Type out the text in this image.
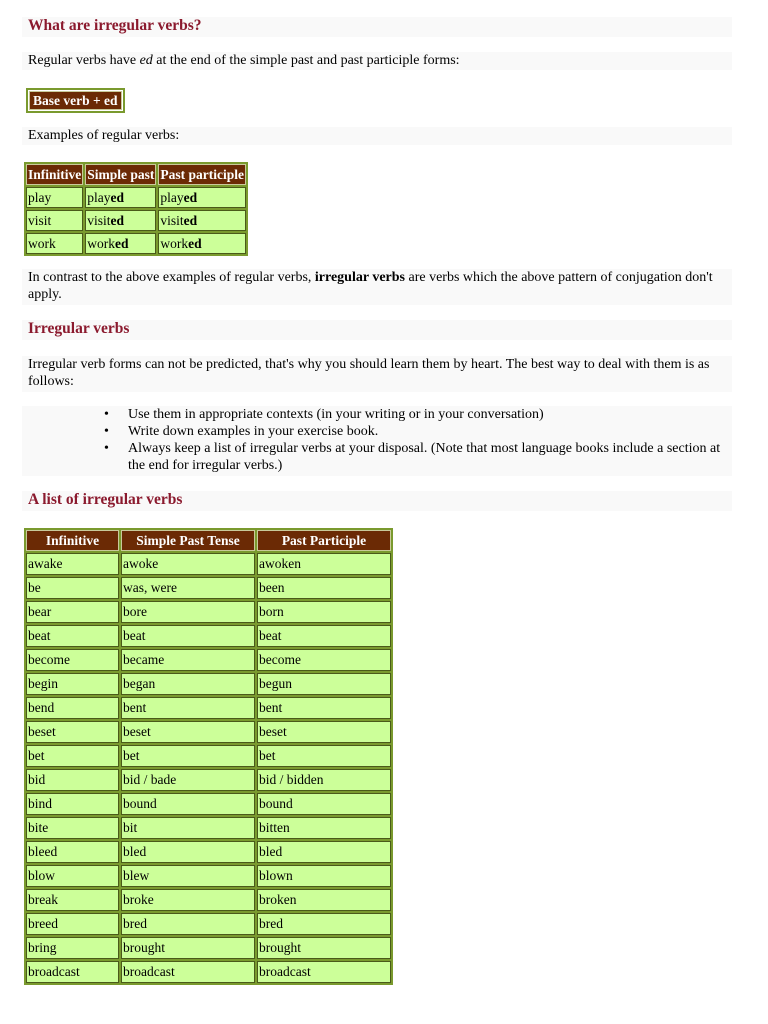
What are irregular verbs?

Regular verbs have ed at the end of the simple past and past participle forms:

Base verb + ed

Examples of regular verbs:

Infinitive	Simple past	Past participle
play	played	played
visit	visited	visited
work	worked	worked

In contrast to the above examples of regular verbs, irregular verbs are verbs which the above pattern of conjugation don't apply.

Irregular verbs

Irregular verb forms can not be predicted, that's why you should learn them by heart. The best way to deal with them is as follows:

• Use them in appropriate contexts (in your writing or in your conversation)
• Write down examples in your exercise book.
• Always keep a list of irregular verbs at your disposal. (Note that most language books include a section at the end for irregular verbs.)
A list of irregular verbs
Infinitive	Simple Past Tense	Past Participle
awake	awoke	awoken
be	was, were	been
bear	bore	born
beat	beat	beat
become	became	become
begin	began	begun
bend	bent	bent
beset	beset	beset
bet	bet	bet
bid	bid / bade	bid / bidden
bind	bound	bound
bite	bit	bitten
bleed	bled	bled
blow	blew	blown
break	broke	broken
breed	bred	bred
bring	brought	brought
broadcast	broadcast	broadcast
